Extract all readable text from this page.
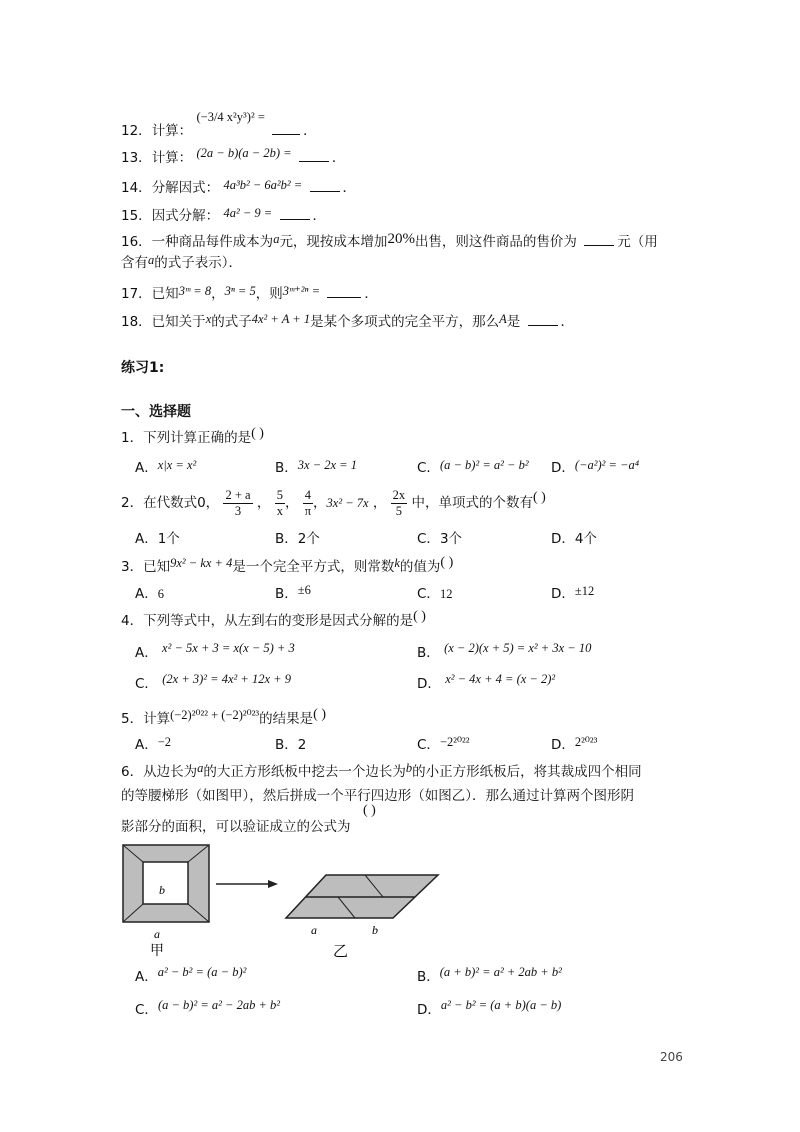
12．计算： (−3/4 x²y³)² = ．
13．计算： (2a − b)(a − 2b) =	．
14．分解因式： 4a³b² − 6a²b² =	．
15．因式分解： 4a² − 9 =	．
16．一种商品每件成本为a元，现按成本增加20%出售，则这件商品的售价为	元（用
含有a的式子表示）．
17．已知3ᵐ = 8，3ⁿ = 5，则3ᵐ⁺²ⁿ =	．
18．已知关于x的式子4x² + A + 1是某个多项式的完全平方，那么A是	．
练习1:
一、选择题
1．下列计算正确的是( )
A．x|x = x²	B．3x − 2x = 1	C．(a − b)² = a² − b² D．(−a²)² = −a⁴
2．在代数式0， $\frac{2 + a}{3}$ ， $\frac{5}{x}$ ， $\frac{4}{\pi}$ ，3x² − 7x ， $\frac{2x}{5}$ 中，单项式的个数有( )
A．1个	B．2个	C．3个	D．4个
3．已知9x² − kx + 4是一个完全平方式，则常数k的值为( )
A．6	B．±6	C．12	D．±12
4．下列等式中，从左到右的变形是因式分解的是( )
A． x² − 5x + 3 = x(x − 5) + 3	B． (x − 2)(x + 5) = x² + 3x − 10
C． (2x + 3)² = 4x² + 12x + 9	D． x² − 4x + 4 = (x − 2)²
5．计算(−2)²⁰²² + (−2)²⁰²³的结果是( )
A．−2	B．2	C．−2²⁰²²	D．2²⁰²³
6．从边长为a的大正方形纸板中挖去一个边长为b的小正方形纸板后，将其裁成四个相同
的等腰梯形（如图甲），然后拼成一个平行四边形（如图乙）．那么通过计算两个图形阴
( )
影部分的面积，可以验证成立的公式为
b
a
甲
a	b
乙
A．a² − b² = (a − b)²	B．(a + b)² = a² + 2ab + b²
C．(a − b)² = a² − 2ab + b²	D．a² − b² = (a + b)(a − b)
206
